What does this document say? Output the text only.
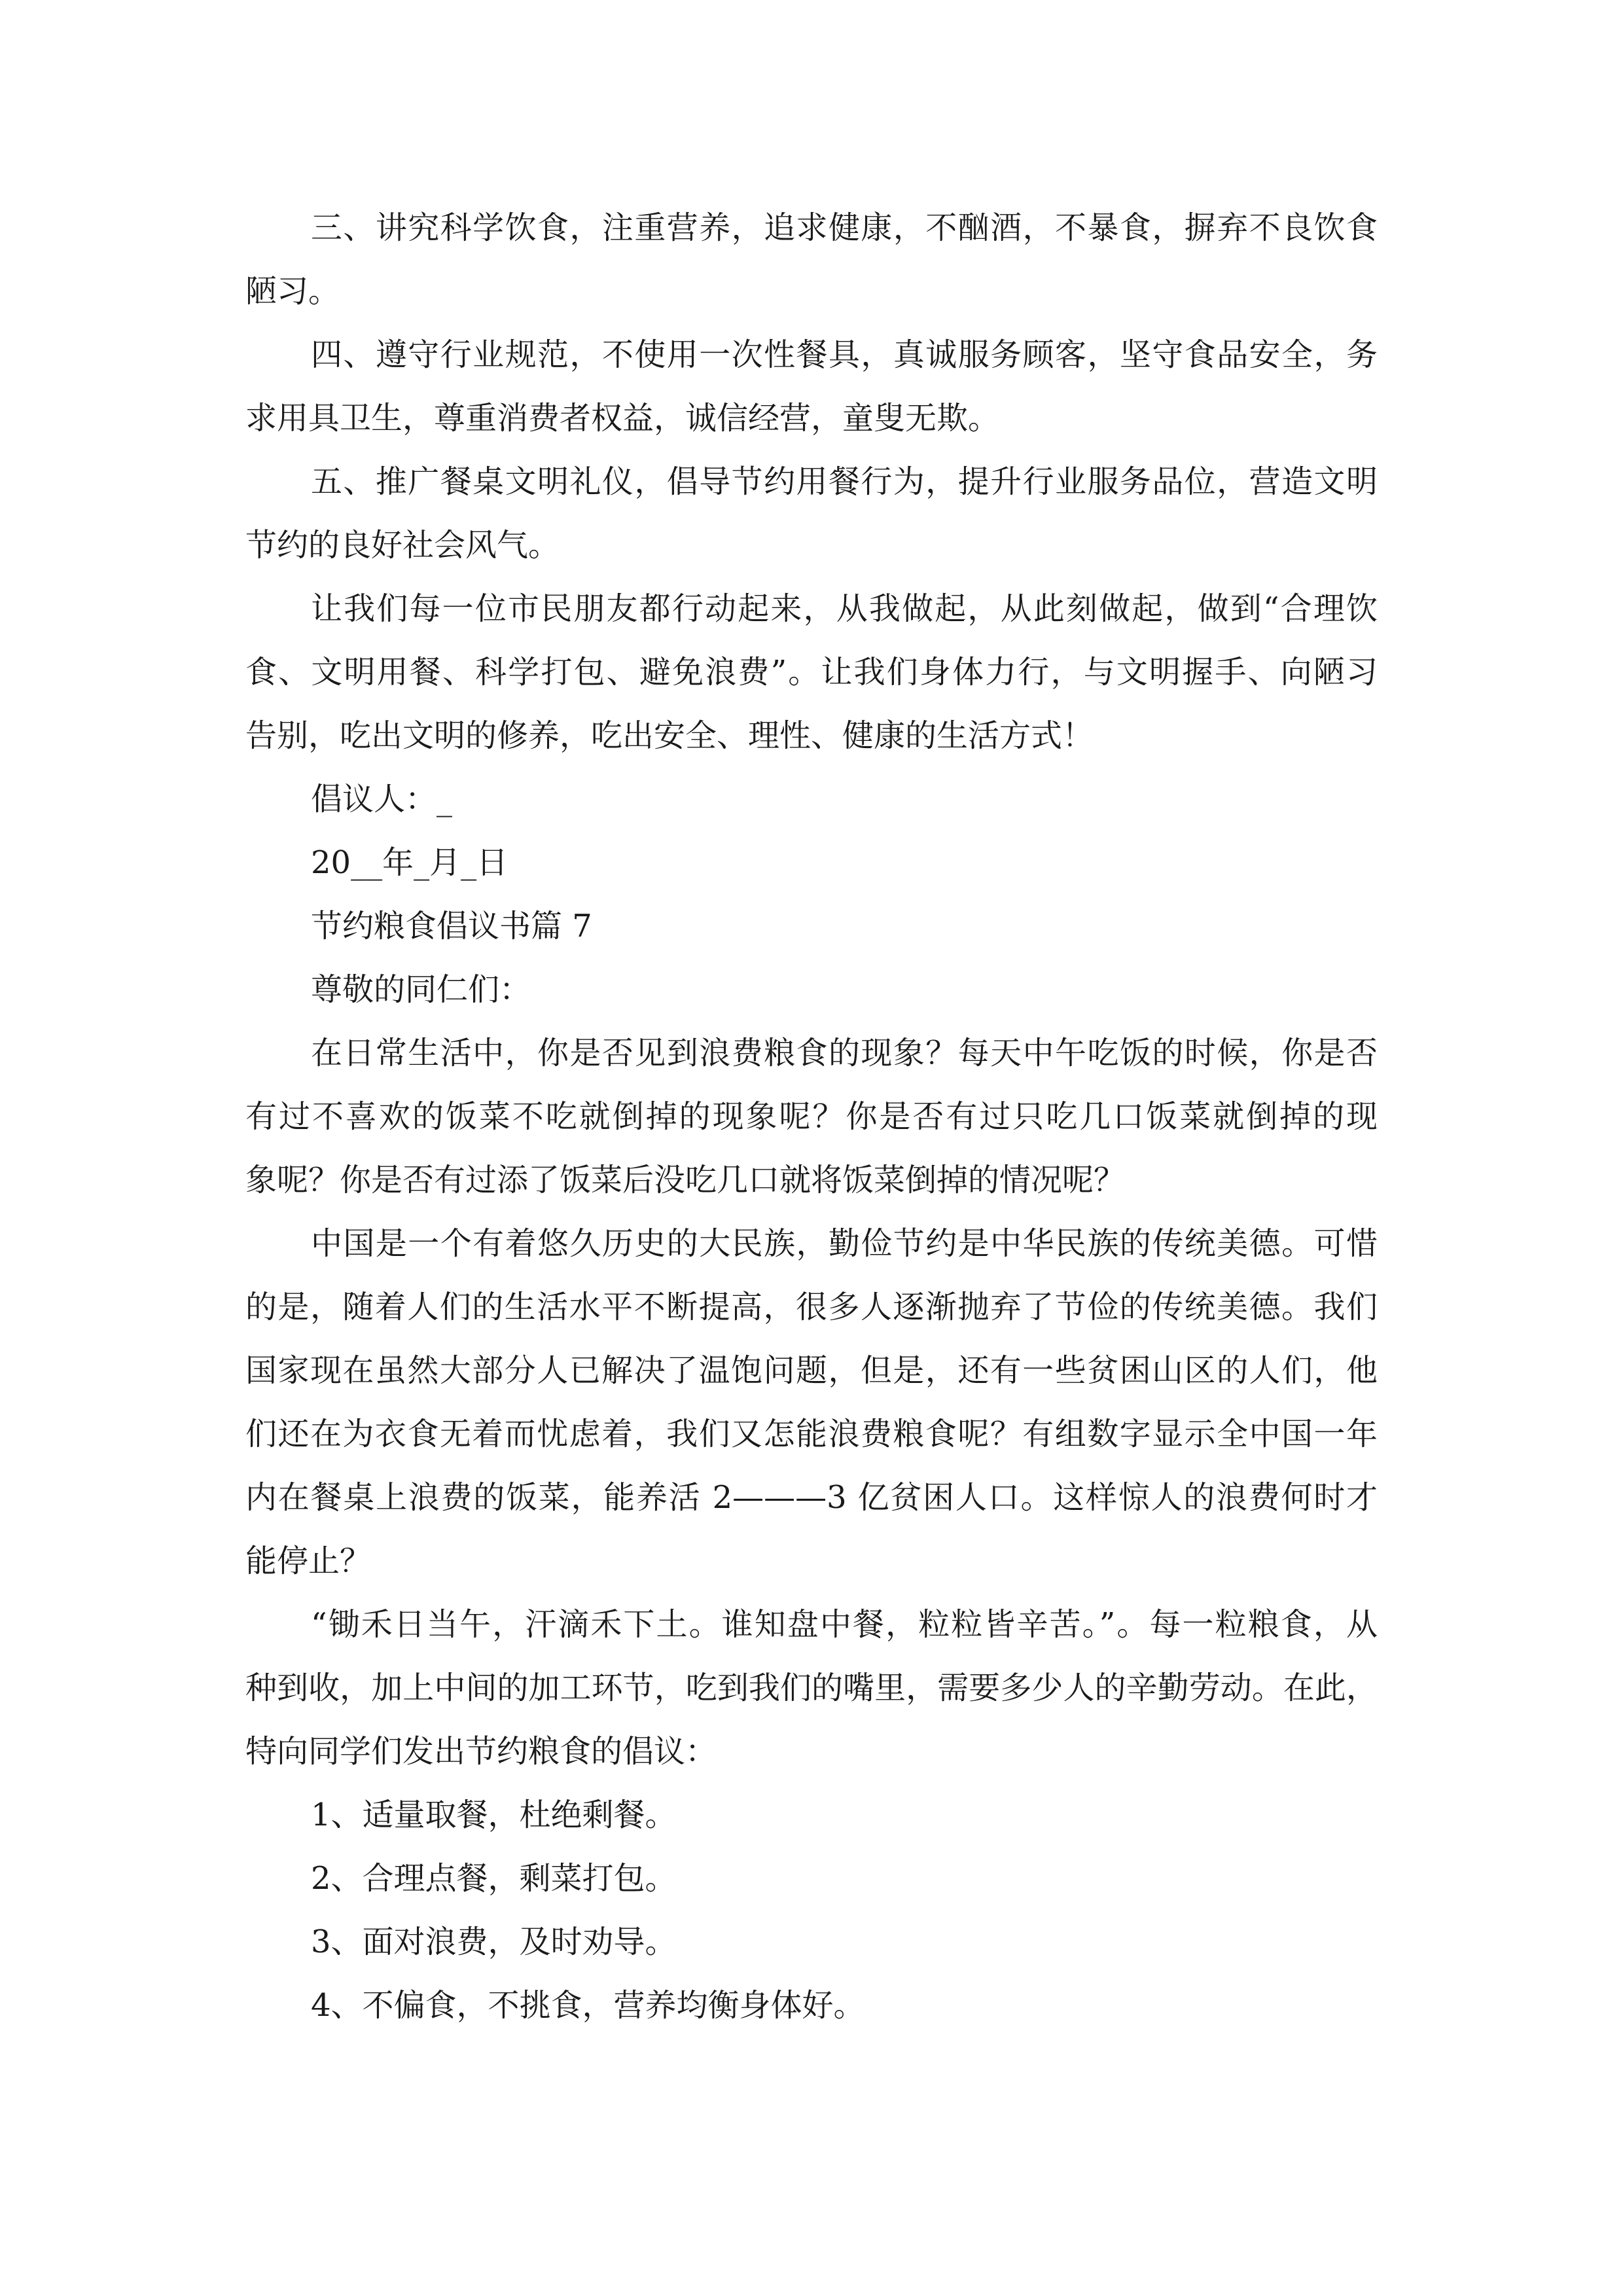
三、讲究科学饮食，注重营养，追求健康，不酗酒，不暴食，摒弃不良饮食
陋习。
四、遵守行业规范，不使用一次性餐具，真诚服务顾客，坚守食品安全，务
求用具卫生，尊重消费者权益，诚信经营，童叟无欺。
五、推广餐桌文明礼仪，倡导节约用餐行为，提升行业服务品位，营造文明
节约的良好社会风气。
让我们每一位市民朋友都行动起来，从我做起，从此刻做起，做到“合理饮
食、文明用餐、科学打包、避免浪费”。让我们身体力行，与文明握手、向陋习
告别，吃出文明的修养，吃出安全、理性、健康的生活方式！
倡议人：_
20__年_月_日
节约粮食倡议书篇 7
尊敬的同仁们：
在日常生活中，你是否见到浪费粮食的现象？每天中午吃饭的时候，你是否
有过不喜欢的饭菜不吃就倒掉的现象呢？你是否有过只吃几口饭菜就倒掉的现
象呢？你是否有过添了饭菜后没吃几口就将饭菜倒掉的情况呢？
中国是一个有着悠久历史的大民族，勤俭节约是中华民族的传统美德。可惜
的是，随着人们的生活水平不断提高，很多人逐渐抛弃了节俭的传统美德。我们
国家现在虽然大部分人已解决了温饱问题，但是，还有一些贫困山区的人们，他
们还在为衣食无着而忧虑着，我们又怎能浪费粮食呢？有组数字显示全中国一年
内在餐桌上浪费的饭菜，能养活 2———3 亿贫困人口。这样惊人的浪费何时才
能停止？
“锄禾日当午，汗滴禾下土。谁知盘中餐，粒粒皆辛苦。”。每一粒粮食，从
种到收，加上中间的加工环节，吃到我们的嘴里，需要多少人的辛勤劳动。在此，
特向同学们发出节约粮食的倡议：
1、适量取餐，杜绝剩餐。
2、合理点餐，剩菜打包。
3、面对浪费，及时劝导。
4、不偏食，不挑食，营养均衡身体好。
